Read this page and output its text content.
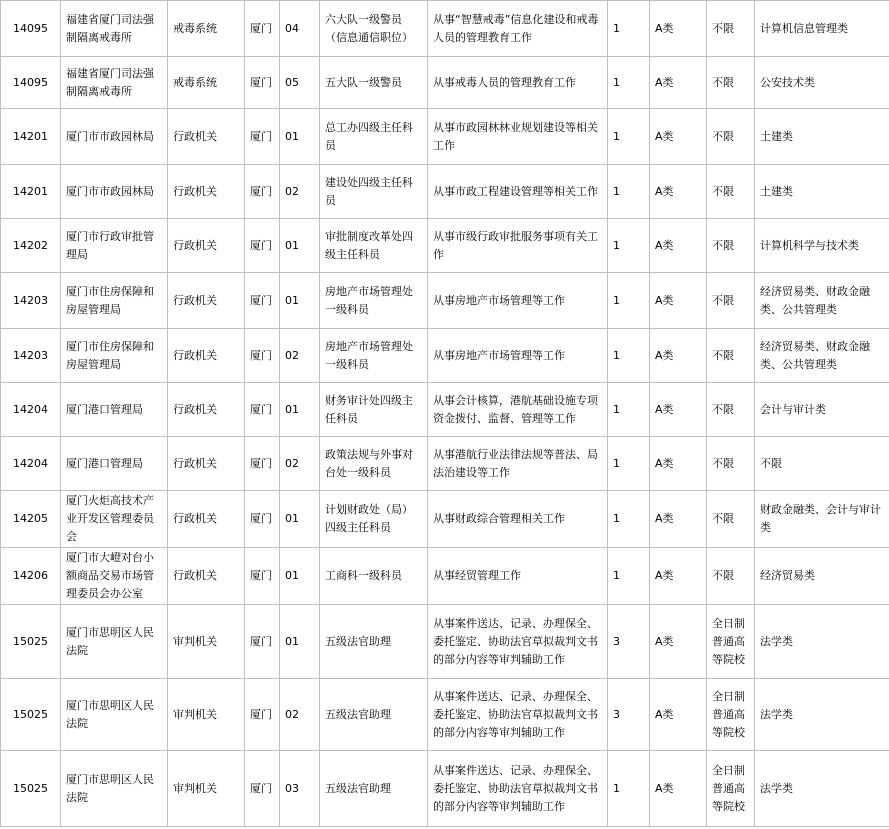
14095	福建省厦门司法强制隔离戒毒所	戒毒系统	厦门	04	六大队一级警员（信息通信职位）	从事“智慧戒毒”信息化建设和戒毒人员的管理教育工作	1	A类	不限	计算机信息管理类
14095	福建省厦门司法强制隔离戒毒所	戒毒系统	厦门	05	五大队一级警员	从事戒毒人员的管理教育工作	1	A类	不限	公安技术类
14201	厦门市市政园林局	行政机关	厦门	01	总工办四级主任科员	从事市政园林林业规划建设等相关工作	1	A类	不限	土建类
14201	厦门市市政园林局	行政机关	厦门	02	建设处四级主任科员	从事市政工程建设管理等相关工作	1	A类	不限	土建类
14202	厦门市行政审批管理局	行政机关	厦门	01	审批制度改革处四级主任科员	从事市级行政审批服务事项有关工作	1	A类	不限	计算机科学与技术类
14203	厦门市住房保障和房屋管理局	行政机关	厦门	01	房地产市场管理处一级科员	从事房地产市场管理等工作	1	A类	不限	经济贸易类、财政金融类、公共管理类
14203	厦门市住房保障和房屋管理局	行政机关	厦门	02	房地产市场管理处一级科员	从事房地产市场管理等工作	1	A类	不限	经济贸易类、财政金融类、公共管理类
14204	厦门港口管理局	行政机关	厦门	01	财务审计处四级主任科员	从事会计核算，港航基础设施专项资金拨付、监督、管理等工作	1	A类	不限	会计与审计类
14204	厦门港口管理局	行政机关	厦门	02	政策法规与外事对台处一级科员	从事港航行业法律法规等普法、局法治建设等工作	1	A类	不限	不限
14205	厦门火炬高技术产业开发区管理委员会	行政机关	厦门	01	计划财政处（局）四级主任科员	从事财政综合管理相关工作	1	A类	不限	财政金融类、会计与审计类
14206	厦门市大嶝对台小额商品交易市场管理委员会办公室	行政机关	厦门	01	工商科一级科员	从事经贸管理工作	1	A类	不限	经济贸易类
15025	厦门市思明区人民法院	审判机关	厦门	01	五级法官助理	从事案件送达、记录、办理保全、委托鉴定、协助法官草拟裁判文书的部分内容等审判辅助工作	3	A类	全日制普通高等院校	法学类
15025	厦门市思明区人民法院	审判机关	厦门	02	五级法官助理	从事案件送达、记录、办理保全、委托鉴定、协助法官草拟裁判文书的部分内容等审判辅助工作	3	A类	全日制普通高等院校	法学类
15025	厦门市思明区人民法院	审判机关	厦门	03	五级法官助理	从事案件送达、记录、办理保全、委托鉴定、协助法官草拟裁判文书的部分内容等审判辅助工作	1	A类	全日制普通高等院校	法学类
